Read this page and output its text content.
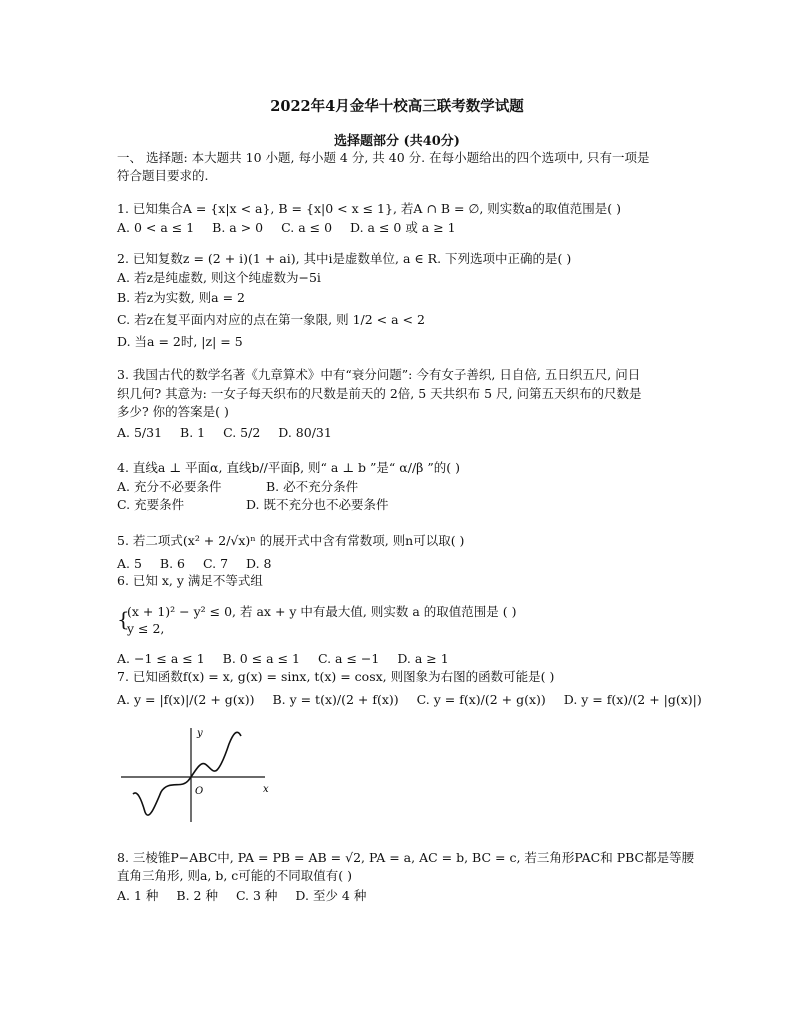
2022年4月金华十校高三联考数学试题
选择题部分 (共40分)
一、 选择题: 本大题共 10 小题, 每小题 4 分, 共 40 分. 在每小题给出的四个选项中, 只有一项是
符合题目要求的.
1. 已知集合A = {x|x < a}, B = {x|0 < x ≤ 1}, 若A ∩ B = ∅, 则实数a的取值范围是( )
A. 0 < a ≤ 1 B. a > 0 C. a ≤ 0 D. a ≤ 0 或 a ≥ 1
2. 已知复数z = (2 + i)(1 + ai), 其中i是虚数单位, a ∈ R. 下列选项中正确的是( )
A. 若z是纯虚数, 则这个纯虚数为−5i
B. 若z为实数, 则a = 2
C. 若z在复平面内对应的点在第一象限, 则 1/2 < a < 2
D. 当a = 2时, |z| = 5
3. 我国古代的数学名著《九章算术》中有“衰分问题”: 今有女子善织, 日自倍, 五日织五尺, 问日
织几何? 其意为: 一女子每天织布的尺数是前天的 2倍, 5 天共织布 5 尺, 问第五天织布的尺数是
多少? 你的答案是( )
A. 5/31 B. 1 C. 5/2 D. 80/31
4. 直线a ⊥ 平面α, 直线b//平面β, 则“ a ⊥ b ”是“ α//β ”的( )
A. 充分不必要条件	B. 必不充分条件
C. 充要条件	D. 既不充分也不必要条件
5. 若二项式(x² + 2/√x)ⁿ 的展开式中含有常数项, 则n可以取( )
A. 5 B. 6 C. 7 D. 8
6. 已知 x, y 满足不等式组
{
(x + 1)² − y² ≤ 0, 若 ax + y 中有最大值, 则实数 a 的取值范围是 ( )
y ≤ 2,
A. −1 ≤ a ≤ 1 B. 0 ≤ a ≤ 1 C. a ≤ −1 D. a ≥ 1
7. 已知函数f(x) = x, g(x) = sinx, t(x) = cosx, 则图象为右图的函数可能是( )
A. y = |f(x)|/(2 + g(x)) B. y = t(x)/(2 + f(x)) C. y = f(x)/(2 + g(x)) D. y = f(x)/(2 + |g(x)|)
y
x
O
8. 三棱锥P−ABC中, PA = PB = AB = √2, PA = a, AC = b, BC = c, 若三角形PAC和 PBC都是等腰
直角三角形, 则a, b, c可能的不同取值有( )
A. 1 种 B. 2 种 C. 3 种 D. 至少 4 种
